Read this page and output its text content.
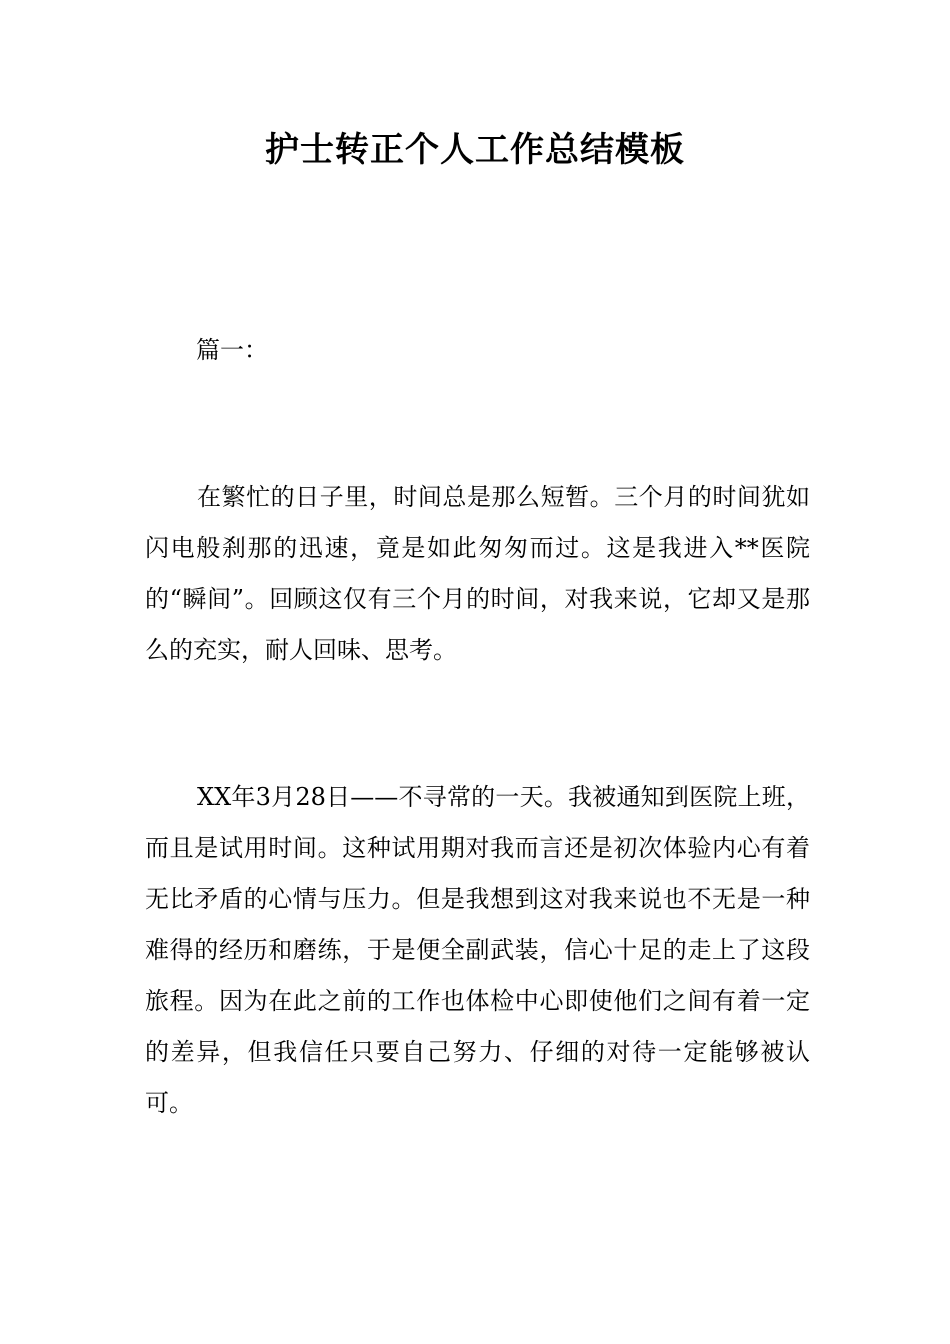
护士转正个人工作总结模板

篇一：

在繁忙的日子里，时间总是那么短暂。三个月的时间犹如闪电般刹那的迅速，竟是如此匆匆而过。这是我进入**医院的“瞬间”。回顾这仅有三个月的时间，对我来说，它却又是那么的充实，耐人回味、思考。

XX年3月28日——不寻常的一天。我被通知到医院上班，而且是试用时间。这种试用期对我而言还是初次体验内心有着无比矛盾的心情与压力。但是我想到这对我来说也不无是一种难得的经历和磨练，于是便全副武装，信心十足的走上了这段旅程。因为在此之前的工作也体检中心即使他们之间有着一定的差异，但我信任只要自己努力、仔细的对待一定能够被认可。
